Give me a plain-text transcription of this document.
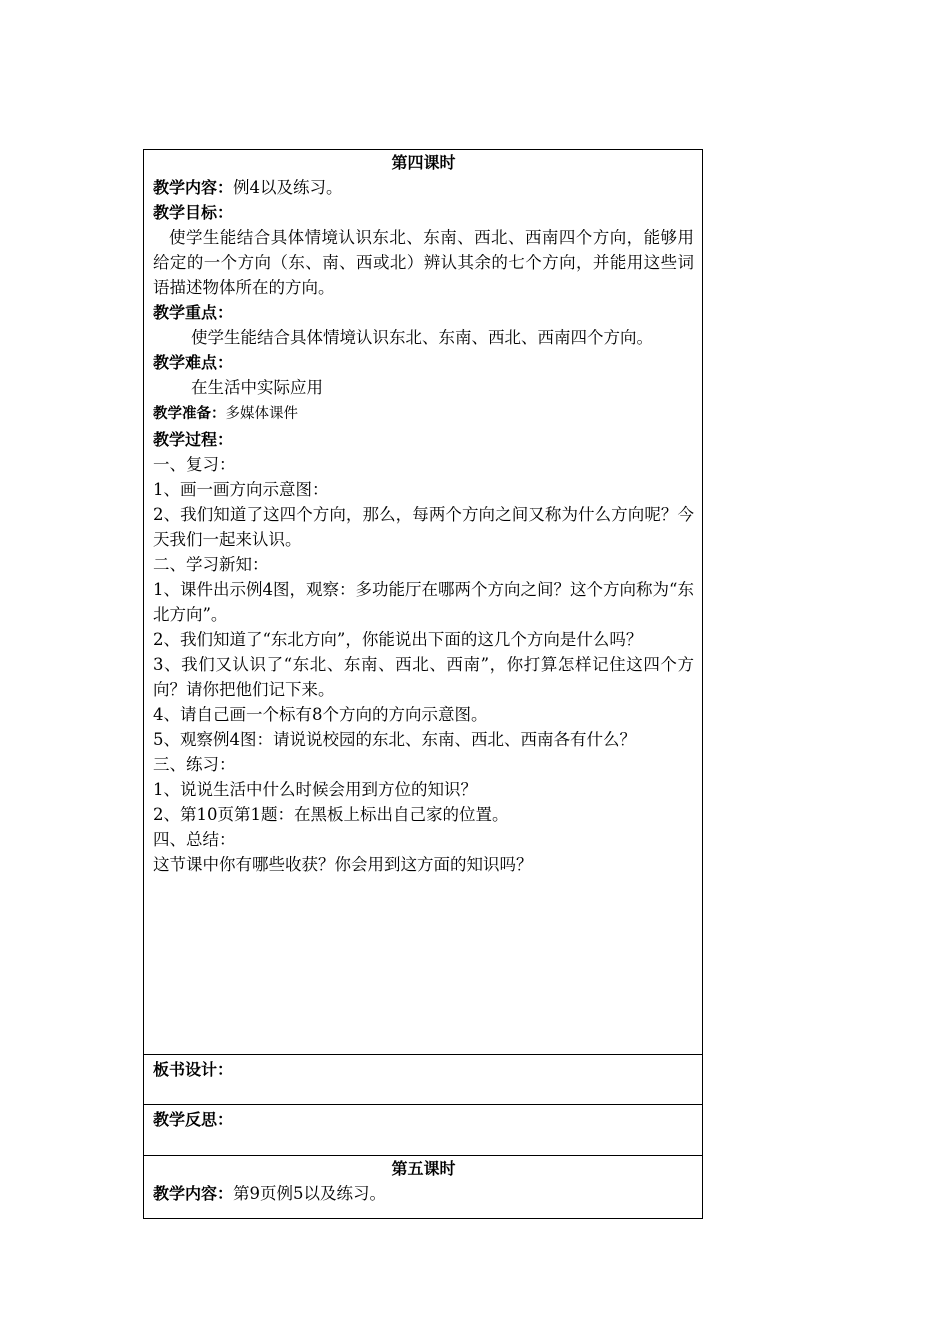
第四课时
教学内容：例4以及练习。
教学目标：
使学生能结合具体情境认识东北、东南、西北、西南四个方向，能够用给定的一个方向（东、南、西或北）辨认其余的七个方向，并能用这些词语描述物体所在的方向。
教学重点：
使学生能结合具体情境认识东北、东南、西北、西南四个方向。
教学难点：
在生活中实际应用
教学准备：多媒体课件
教学过程：
一、复习：
1、画一画方向示意图：
2、我们知道了这四个方向，那么，每两个方向之间又称为什么方向呢？今天我们一起来认识。
二、学习新知：
1、课件出示例4图，观察：多功能厅在哪两个方向之间？这个方向称为“东北方向”。
2、我们知道了“东北方向”，你能说出下面的这几个方向是什么吗？
3、我们又认识了“东北、东南、西北、西南”，你打算怎样记住这四个方向？请你把他们记下来。
4、请自己画一个标有8个方向的方向示意图。
5、观察例4图：请说说校园的东北、东南、西北、西南各有什么？
三、练习：
1、说说生活中什么时候会用到方位的知识？
2、第10页第1题：在黑板上标出自己家的位置。
四、总结：
这节课中你有哪些收获？你会用到这方面的知识吗？
板书设计：
教学反思：
第五课时
教学内容：第9页例5以及练习。
